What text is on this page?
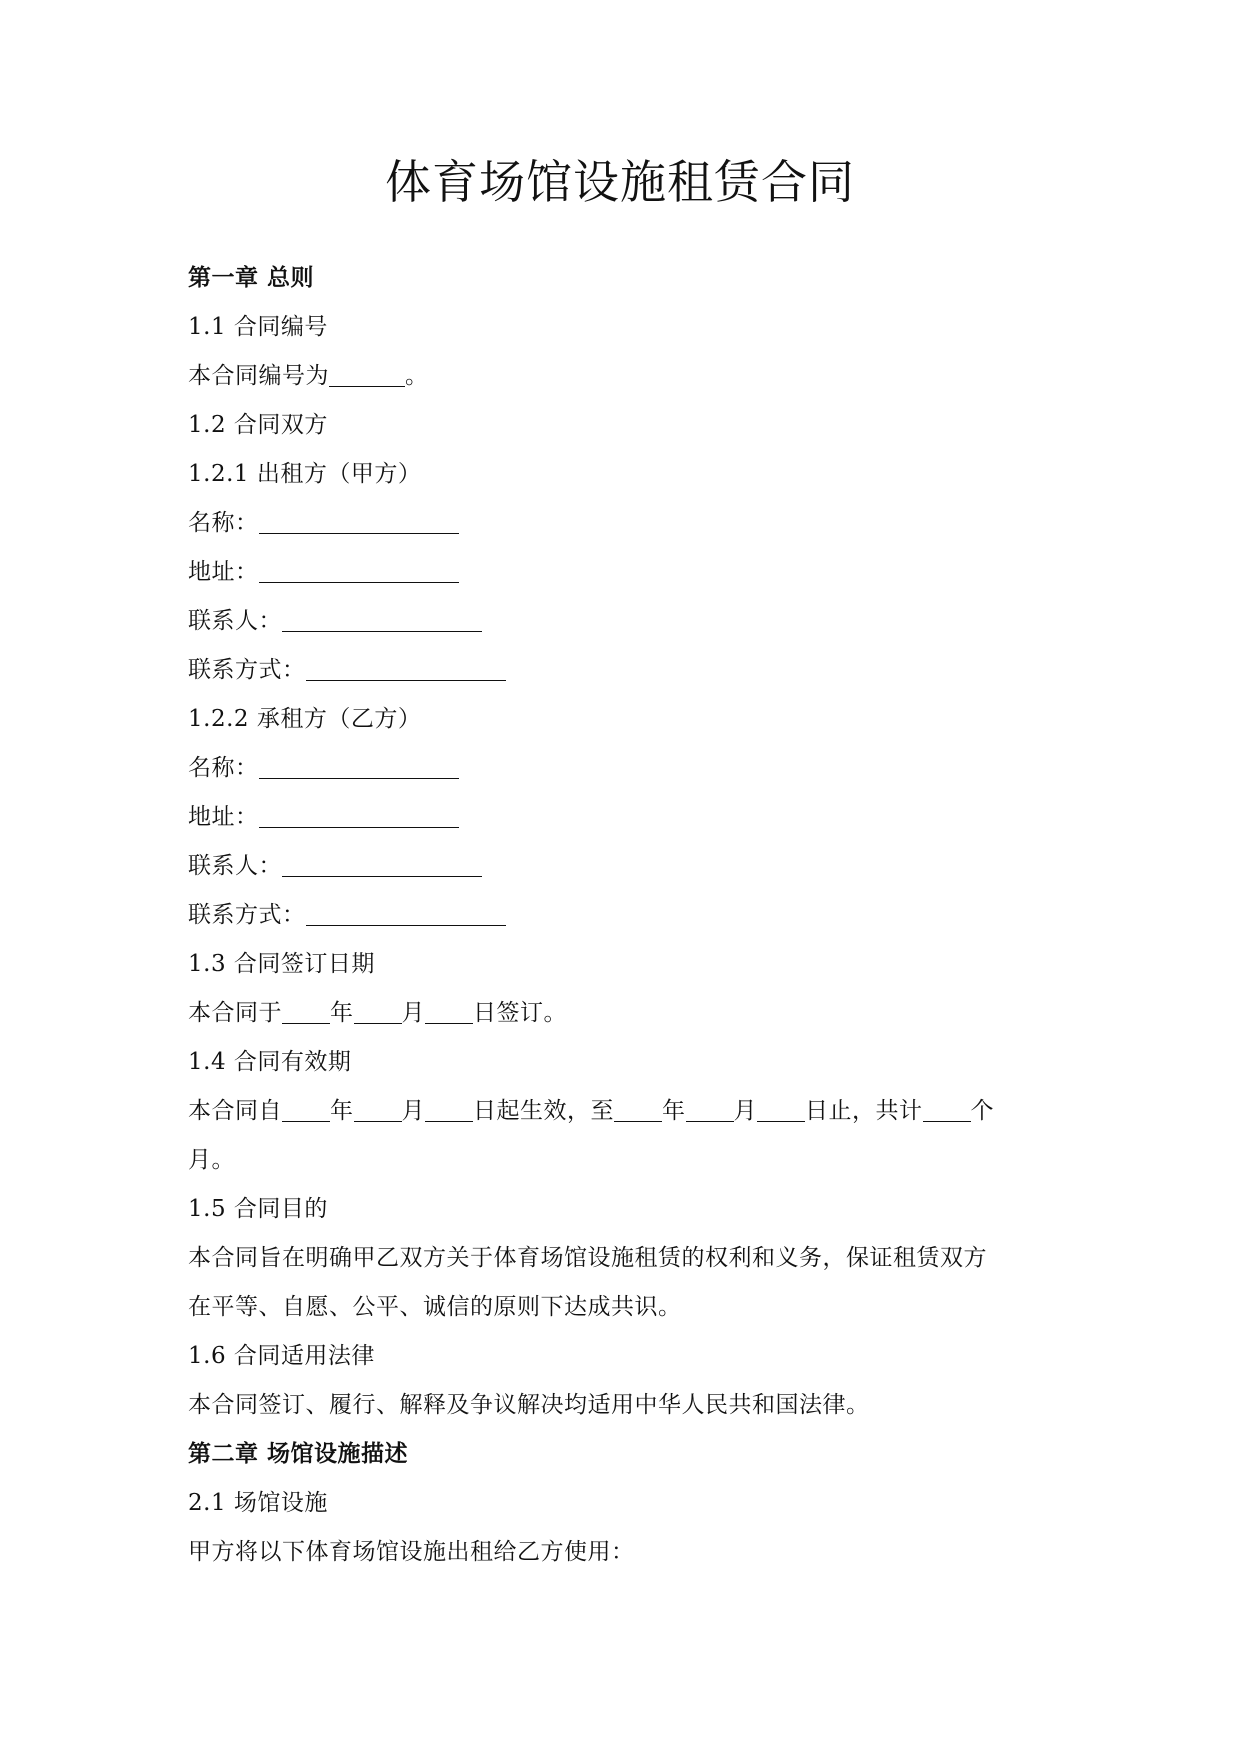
体育场馆设施租赁合同
第一章 总则
1.1 合同编号
本合同编号为	。
1.2 合同双方
1.2.1 出租方（甲方）
名称：
地址：
联系人：
联系方式：
1.2.2 承租方（乙方）
名称：
地址：
联系人：
联系方式：
1.3 合同签订日期
本合同于 年 月 日签订。
1.4 合同有效期
本合同自 年 月 日起生效，至 年 月 日止，共计 个
月。
1.5 合同目的
本合同旨在明确甲乙双方关于体育场馆设施租赁的权利和义务，保证租赁双方
在平等、自愿、公平、诚信的原则下达成共识。
1.6 合同适用法律
本合同签订、履行、解释及争议解决均适用中华人民共和国法律。
第二章 场馆设施描述
2.1 场馆设施
甲方将以下体育场馆设施出租给乙方使用：
